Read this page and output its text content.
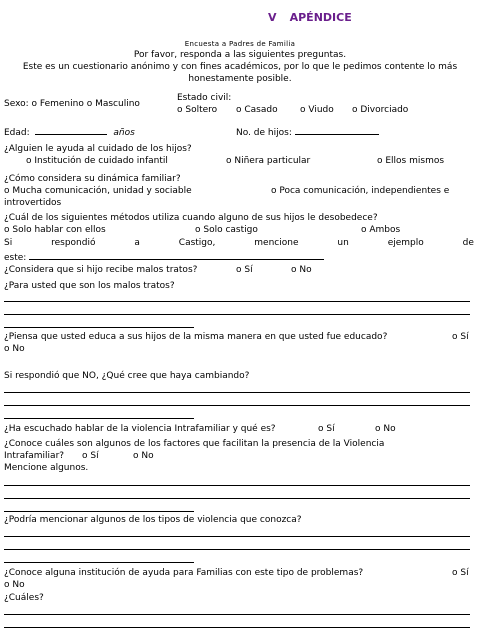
V APÉNDICE
Encuesta a Padres de Familia
Por favor, responda a las siguientes preguntas.
Este es un cuestionario anónimo y con fines académicos, por lo que le pedimos contente lo más
honestamente posible.
Sexo: o Femenino o Masculino
Estado civil:
o Soltero o Casado o Viudo o Divorciado
Edad:	años	No. de hijos:
¿Alguien le ayuda al cuidado de los hijos?
o Institución de cuidado infantil	o Niñera particular	o Ellos mismos
¿Cómo considera su dinámica familiar?
o Mucha comunicación, unidad y sociable	o Poca comunicación, independientes e
introvertidos
¿Cuál de los siguientes métodos utiliza cuando alguno de sus hijos le desobedece?
o Solo hablar con ellos	o Solo castigo	o Ambos
Si	respondió	a	Castigo,	mencione	un	ejemplo	de
este:
¿Considera que si hijo recibe malos tratos?	o Sí	o No
¿Para usted que son los malos tratos?
¿Piensa que usted educa a sus hijos de la misma manera en que usted fue educado?	o Sí
o No
Si respondió que NO, ¿Qué cree que haya cambiando?
¿Ha escuchado hablar de la violencia Intrafamiliar y qué es?	o Sí	o No
¿Conoce cuáles son algunos de los factores que facilitan la presencia de la Violencia
Intrafamiliar? o Sí	o No
Mencione algunos.
¿Podría mencionar algunos de los tipos de violencia que conozca?
¿Conoce alguna institución de ayuda para Familias con este tipo de problemas?	o Sí
o No
¿Cuáles?
